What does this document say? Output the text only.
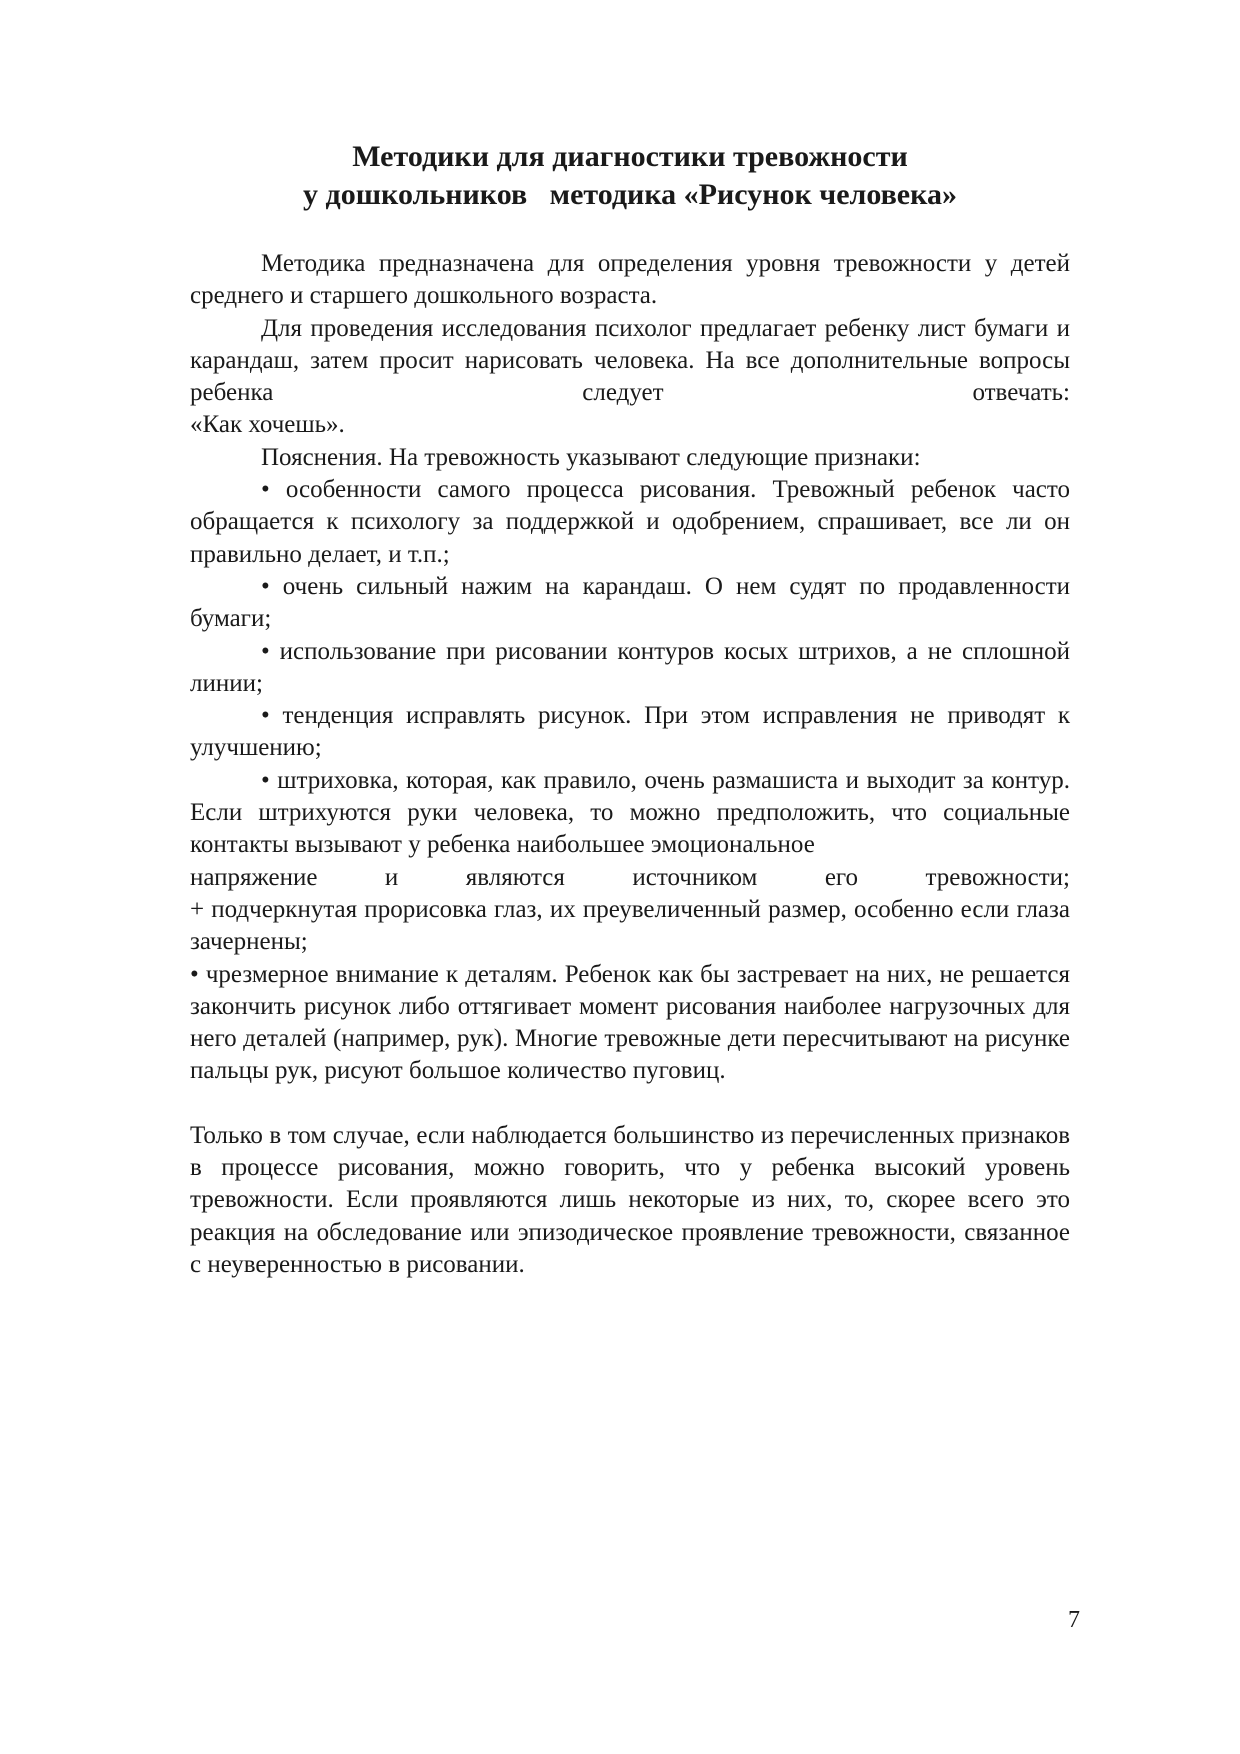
Методики для диагностики тревожности
у дошкольников   методика «Рисунок человека»

Методика предназначена для определения уровня тревожности у детей среднего и старшего дошкольного возраста.

Для проведения исследования психолог предлагает ребенку лист бумаги и карандаш, затем просит нарисовать человека. На все дополнительные вопросы ребенка следует отвечать:

«Как хочешь».

Пояснения. На тревожность указывают следующие признаки:

• особенности самого процесса рисования. Тревожный ребенок часто обращается к психологу за поддержкой и одобрением, спрашивает, все ли он правильно делает, и т.п.;

• очень сильный нажим на карандаш. О нем судят по продавленности бумаги;

• использование при рисовании контуров косых штрихов, а не сплошной линии;

• тенденция исправлять рисунок. При этом исправления не приводят к улучшению;

• штриховка, которая, как правило, очень размашиста и выходит за контур. Если штрихуются руки человека, то можно предположить, что социальные контакты вызывают у ребенка наибольшее эмоциональное

напряжение и являются источником его тревожности;

+ подчеркнутая прорисовка глаз, их преувеличенный размер, особенно если глаза зачернены;

• чрезмерное внимание к деталям. Ребенок как бы застревает на них, не решается закончить рисунок либо оттягивает момент рисования наиболее нагрузочных для него деталей (например, рук). Многие тревожные дети пересчитывают на рисунке пальцы рук, рисуют большое количество пуговиц.

Только в том случае, если наблюдается большинство из перечисленных признаков в процессе рисования, можно говорить, что у ребенка высокий уровень тревожности. Если проявляются лишь некоторые из них, то, скорее всего это реакция на обследование или эпизодическое проявление тревожности, связанное с неуверенностью в рисовании.

7
